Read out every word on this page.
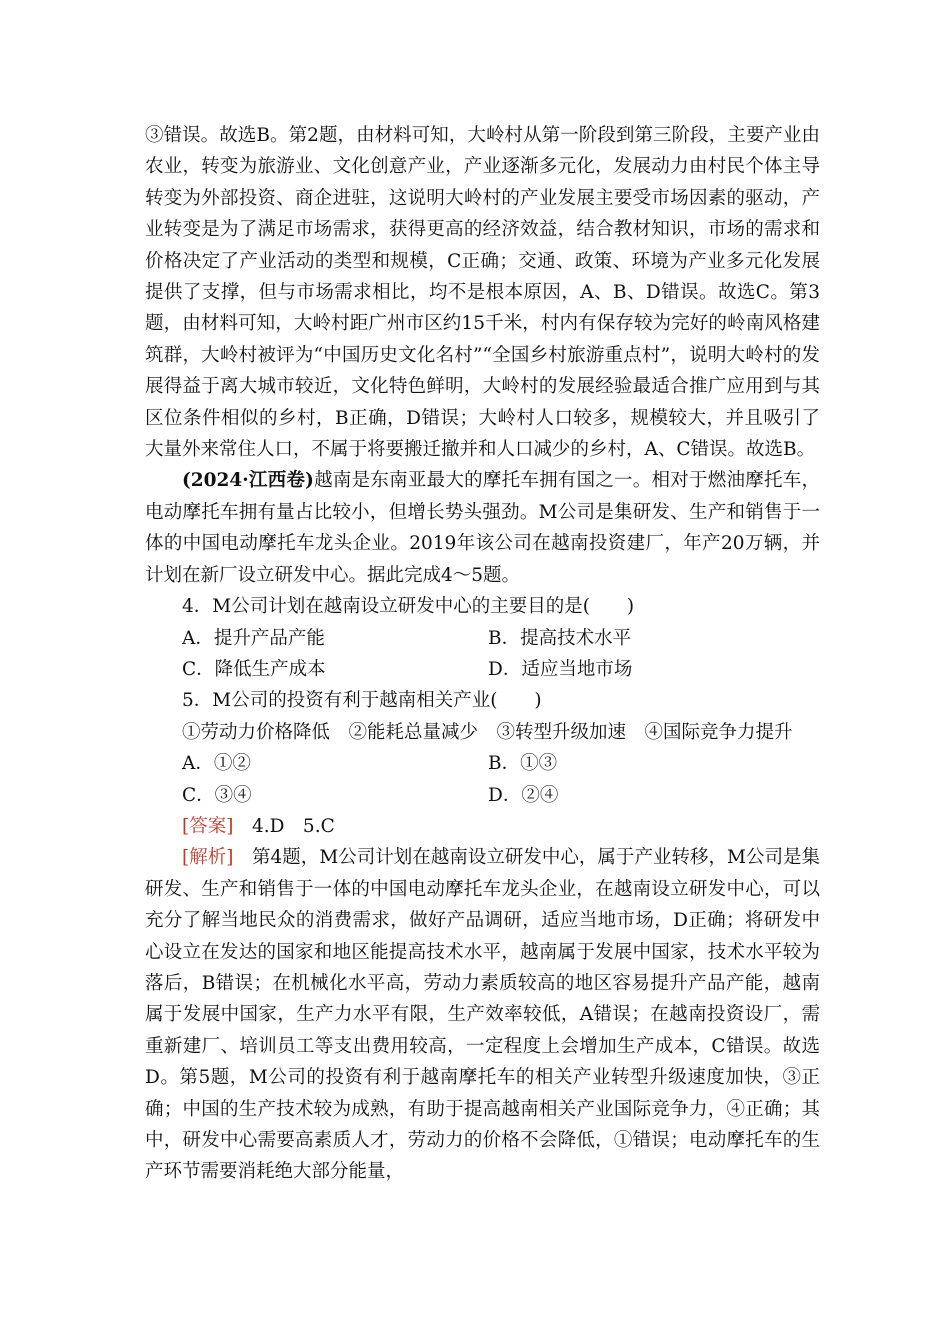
③错误。故选B。第2题，由材料可知，大岭村从第一阶段到第三阶段，主要产业由农业，转变为旅游业、文化创意产业，产业逐渐多元化，发展动力由村民个体主导转变为外部投资、商企进驻，这说明大岭村的产业发展主要受市场因素的驱动，产业转变是为了满足市场需求，获得更高的经济效益，结合教材知识，市场的需求和价格决定了产业活动的类型和规模，C正确；交通、政策、环境为产业多元化发展提供了支撑，但与市场需求相比，均不是根本原因，A、B、D错误。故选C。第3题，由材料可知，大岭村距广州市区约15千米，村内有保存较为完好的岭南风格建筑群，大岭村被评为“中国历史文化名村”“全国乡村旅游重点村”，说明大岭村的发展得益于离大城市较近，文化特色鲜明，大岭村的发展经验最适合推广应用到与其区位条件相似的乡村，B正确，D错误；大岭村人口较多，规模较大，并且吸引了大量外来常住人口，不属于将要搬迁撤并和人口减少的乡村，A、C错误。故选B。

(2024·江西卷)越南是东南亚最大的摩托车拥有国之一。相对于燃油摩托车，电动摩托车拥有量占比较小，但增长势头强劲。M公司是集研发、生产和销售于一体的中国电动摩托车龙头企业。2019年该公司在越南投资建厂，年产20万辆，并计划在新厂设立研发中心。据此完成4～5题。

4．M公司计划在越南设立研发中心的主要目的是(　　)

A．提升产品产能	B．提高技术水平
C．降低生产成本	D．适应当地市场

5．M公司的投资有利于越南相关产业(　　)

①劳动力价格降低　②能耗总量减少　③转型升级加速　④国际竞争力提升

A．①②	B．①③
C．③④	D．②④

[答案]　 4.D　5.C

[解析]　 第4题，M公司计划在越南设立研发中心，属于产业转移，M公司是集研发、生产和销售于一体的中国电动摩托车龙头企业，在越南设立研发中心，可以充分了解当地民众的消费需求，做好产品调研，适应当地市场，D正确；将研发中心设立在发达的国家和地区能提高技术水平，越南属于发展中国家，技术水平较为落后，B错误；在机械化水平高，劳动力素质较高的地区容易提升产品产能，越南属于发展中国家，生产力水平有限，生产效率较低，A错误；在越南投资设厂，需重新建厂、培训员工等支出费用较高，一定程度上会增加生产成本，C错误。故选D。第5题，M公司的投资有利于越南摩托车的相关产业转型升级速度加快，③正确；中国的生产技术较为成熟，有助于提高越南相关产业国际竞争力，④正确；其中，研发中心需要高素质人才，劳动力的价格不会降低，①错误；电动摩托车的生产环节需要消耗绝大部分能量，
